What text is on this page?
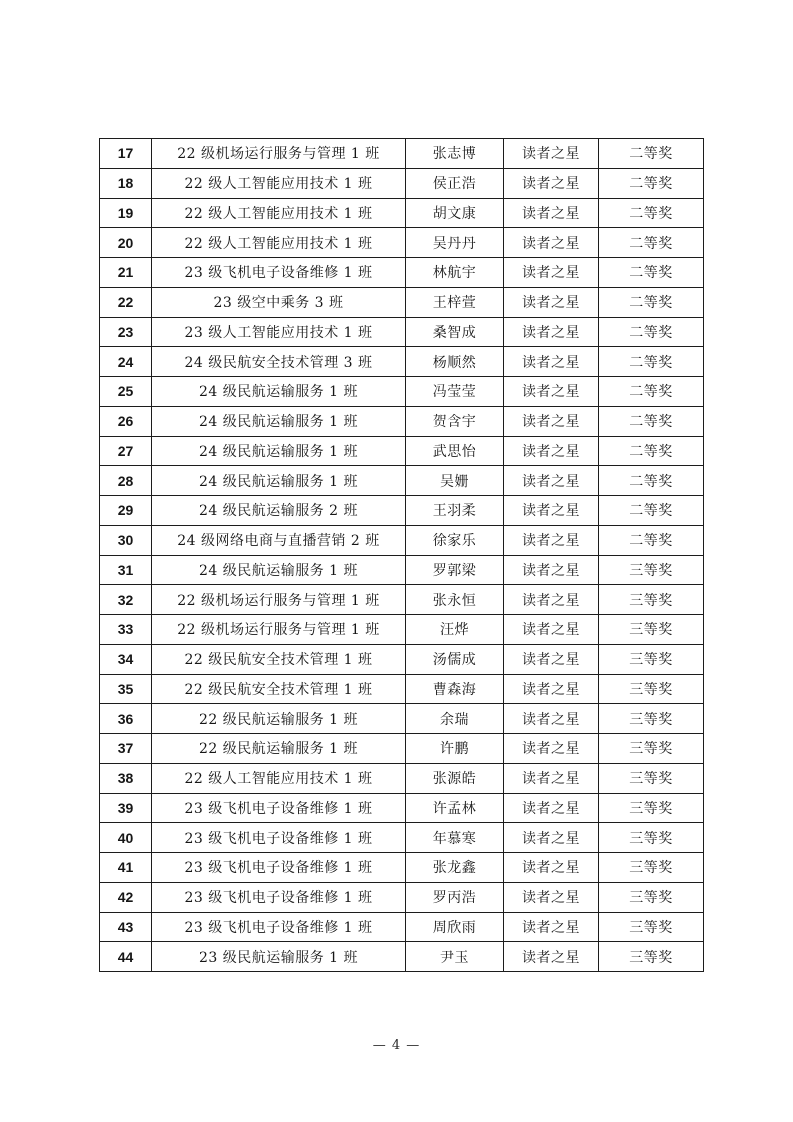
17	22 级机场运行服务与管理 1 班	张志博	读者之星	二等奖
18	22 级人工智能应用技术 1 班	侯正浩	读者之星	二等奖
19	22 级人工智能应用技术 1 班	胡文康	读者之星	二等奖
20	22 级人工智能应用技术 1 班	吴丹丹	读者之星	二等奖
21	23 级飞机电子设备维修 1 班	林航宇	读者之星	二等奖
22	23 级空中乘务 3 班	王梓萱	读者之星	二等奖
23	23 级人工智能应用技术 1 班	桑智成	读者之星	二等奖
24	24 级民航安全技术管理 3 班	杨顺然	读者之星	二等奖
25	24 级民航运输服务 1 班	冯莹莹	读者之星	二等奖
26	24 级民航运输服务 1 班	贺含宇	读者之星	二等奖
27	24 级民航运输服务 1 班	武思怡	读者之星	二等奖
28	24 级民航运输服务 1 班	吴姗	读者之星	二等奖
29	24 级民航运输服务 2 班	王羽柔	读者之星	二等奖
30	24 级网络电商与直播营销 2 班	徐家乐	读者之星	二等奖
31	24 级民航运输服务 1 班	罗郭梁	读者之星	三等奖
32	22 级机场运行服务与管理 1 班	张永恒	读者之星	三等奖
33	22 级机场运行服务与管理 1 班	汪烨	读者之星	三等奖
34	22 级民航安全技术管理 1 班	汤儒成	读者之星	三等奖
35	22 级民航安全技术管理 1 班	曹森海	读者之星	三等奖
36	22 级民航运输服务 1 班	余瑞	读者之星	三等奖
37	22 级民航运输服务 1 班	许鹏	读者之星	三等奖
38	22 级人工智能应用技术 1 班	张源皓	读者之星	三等奖
39	23 级飞机电子设备维修 1 班	许孟林	读者之星	三等奖
40	23 级飞机电子设备维修 1 班	年慕寒	读者之星	三等奖
41	23 级飞机电子设备维修 1 班	张龙鑫	读者之星	三等奖
42	23 级飞机电子设备维修 1 班	罗丙浩	读者之星	三等奖
43	23 级飞机电子设备维修 1 班	周欣雨	读者之星	三等奖
44	23 级民航运输服务 1 班	尹玉	读者之星	三等奖
— 4 —
